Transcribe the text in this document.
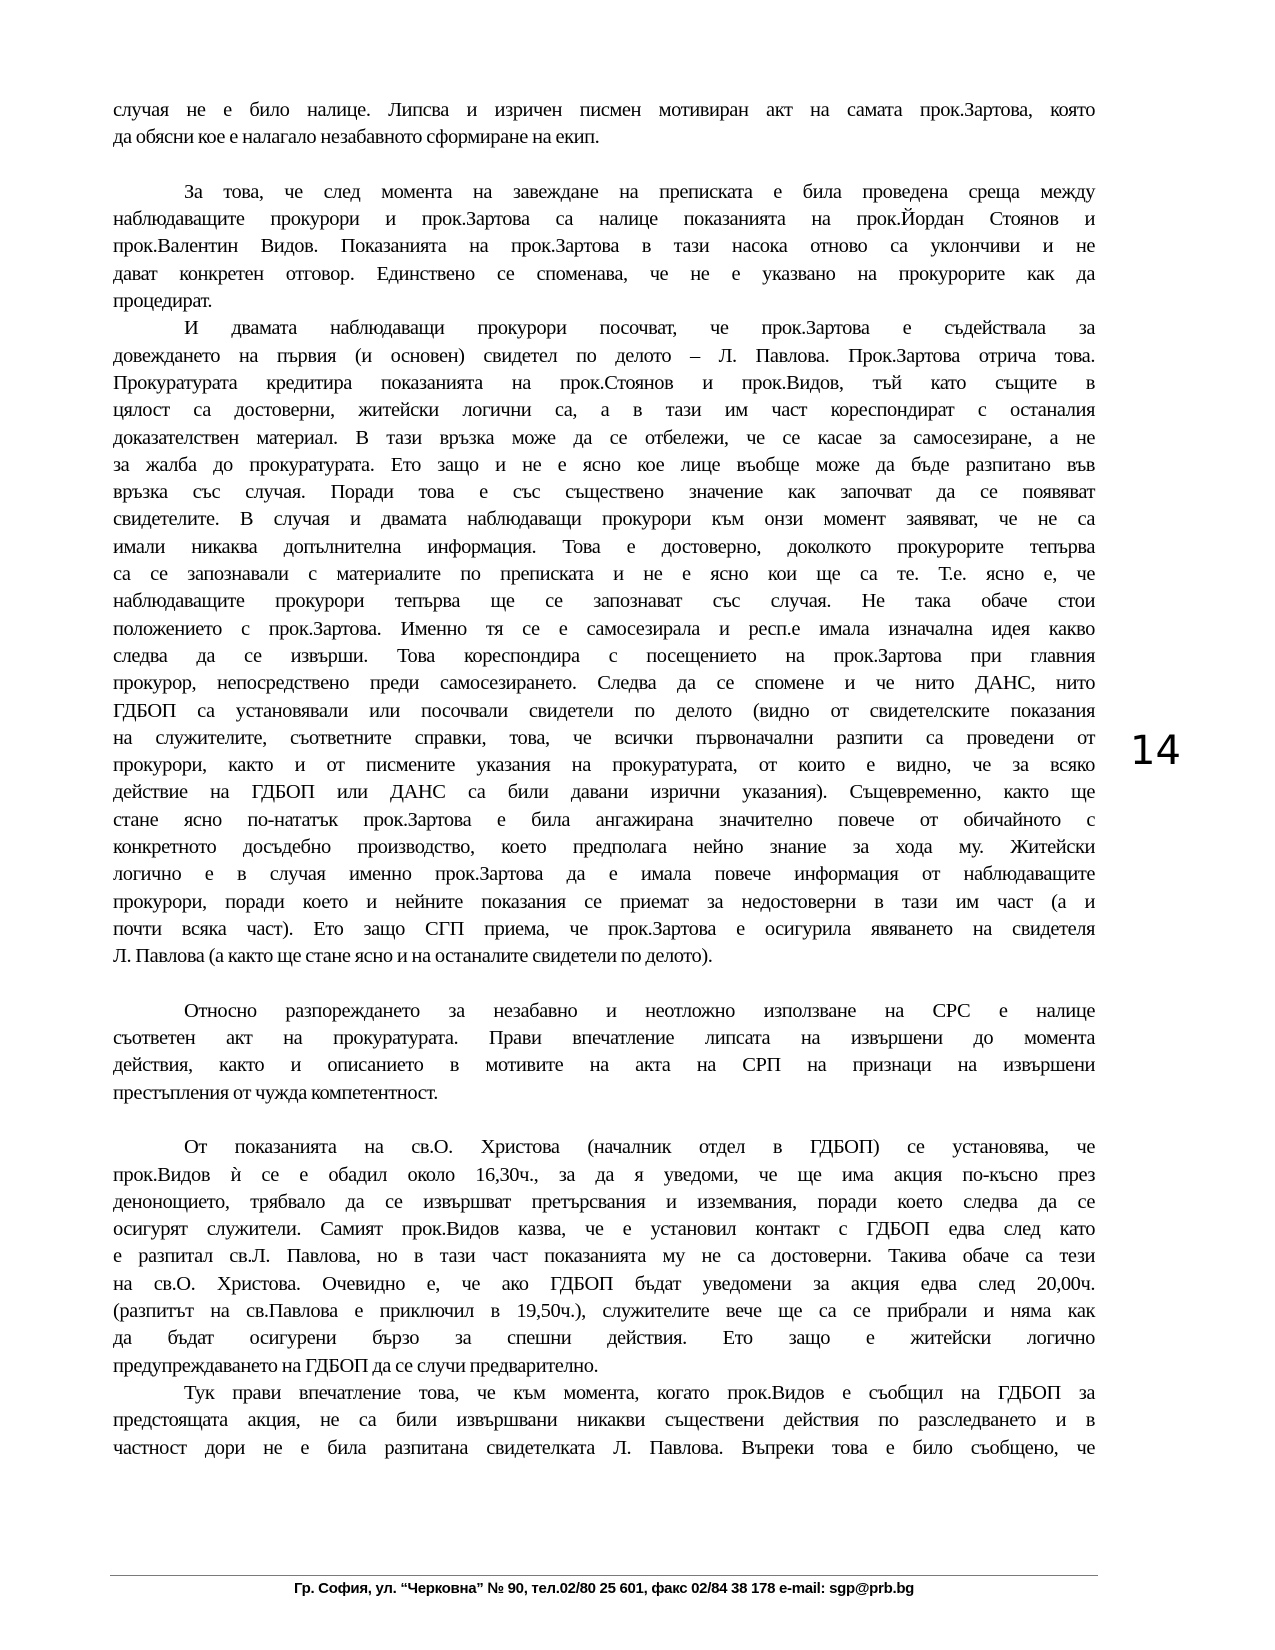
случая не е било налице. Липсва и изричен писмен мотивиран акт на самата прок.Зартова, която
да обясни кое е налагало незабавното сформиране на екип.
За това, че след момента на завеждане на преписката е била проведена среща между
наблюдаващите прокурори и прок.Зартова са налице показанията на прок.Йордан Стоянов и
прок.Валентин Видов. Показанията на прок.Зартова в тази насока отново са уклончиви и не
дават конкретен отговор. Единствено се споменава, че не е указвано на прокурорите как да
процедират.
И двамата наблюдаващи прокурори посочват, че прок.Зартова е съдействала за
довеждането на първия (и основен) свидетел по делото – Л. Павлова. Прок.Зартова отрича това.
Прокуратурата кредитира показанията на прок.Стоянов и прок.Видов, тъй като същите в
цялост са достоверни, житейски логични са, а в тази им част кореспондират с останалия
доказателствен материал. В тази връзка може да се отбележи, че се касае за самосезиране, а не
за жалба до прокуратурата. Ето защо и не е ясно кое лице въобще може да бъде разпитано във
връзка със случая. Поради това е със съществено значение как започват да се появяват
свидетелите. В случая и двамата наблюдаващи прокурори към онзи момент заявяват, че не са
имали никаква допълнителна информация. Това е достоверно, доколкото прокурорите тепърва
са се запознавали с материалите по преписката и не е ясно кои ще са те. Т.е. ясно е, че
наблюдаващите прокурори тепърва ще се запознават със случая. Не така обаче стои
положението с прок.Зартова. Именно тя се е самосезирала и респ.е имала изначална идея какво
следва да се извърши. Това кореспондира с посещението на прок.Зартова при главния
прокурор, непосредствено преди самосезирането. Следва да се спомене и че нито ДАНС, нито
ГДБОП са установявали или посочвали свидетели по делото (видно от свидетелските показания
на служителите, съответните справки, това, че всички първоначални разпити са проведени от
прокурори, както и от писмените указания на прокуратурата, от които е видно, че за всяко
действие на ГДБОП или ДАНС са били давани изрични указания). Същевременно, както ще
стане ясно по-нататък прок.Зартова е била ангажирана значително повече от обичайното с
конкретното досъдебно производство, което предполага нейно знание за хода му. Житейски
логично е в случая именно прок.Зартова да е имала повече информация от наблюдаващите
прокурори, поради което и нейните показания се приемат за недостоверни в тази им част (а и
почти всяка част). Ето защо СГП приема, че прок.Зартова е осигурила явяването на свидетеля
Л. Павлова (а както ще стане ясно и на останалите свидетели по делото).
Относно разпореждането за незабавно и неотложно използване на СРС е налице
съответен акт на прокуратурата. Прави впечатление липсата на извършени до момента
действия, както и описанието в мотивите на акта на СРП на признаци на извършени
престъпления от чужда компетентност.
От показанията на св.О. Христова (началник отдел в ГДБОП) се установява, че
прок.Видов ѝ се е обадил около 16,30ч., за да я уведоми, че ще има акция по-късно през
денонощието, трябвало да се извършват претърсвания и изземвания, поради което следва да се
осигурят служители. Самият прок.Видов казва, че е установил контакт с ГДБОП едва след като
е разпитал св.Л. Павлова, но в тази част показанията му не са достоверни. Такива обаче са тези
на св.О. Христова. Очевидно е, че ако ГДБОП бъдат уведомени за акция едва след 20,00ч.
(разпитът на св.Павлова е приключил в 19,50ч.), служителите вече ще са се прибрали и няма как
да бъдат осигурени бързо за спешни действия. Ето защо е житейски логично
предупреждаването на ГДБОП да се случи предварително.
Тук прави впечатление това, че към момента, когато прок.Видов е съобщил на ГДБОП за
предстоящата акция, не са били извършвани никакви съществени действия по разследването и в
частност дори не е била разпитана свидетелката Л. Павлова. Въпреки това е било съобщено, че
14
Гр. София, ул. “Черковна” № 90, тел.02/80 25 601, факс 02/84 38 178 e-mail: sgp@prb.bg
